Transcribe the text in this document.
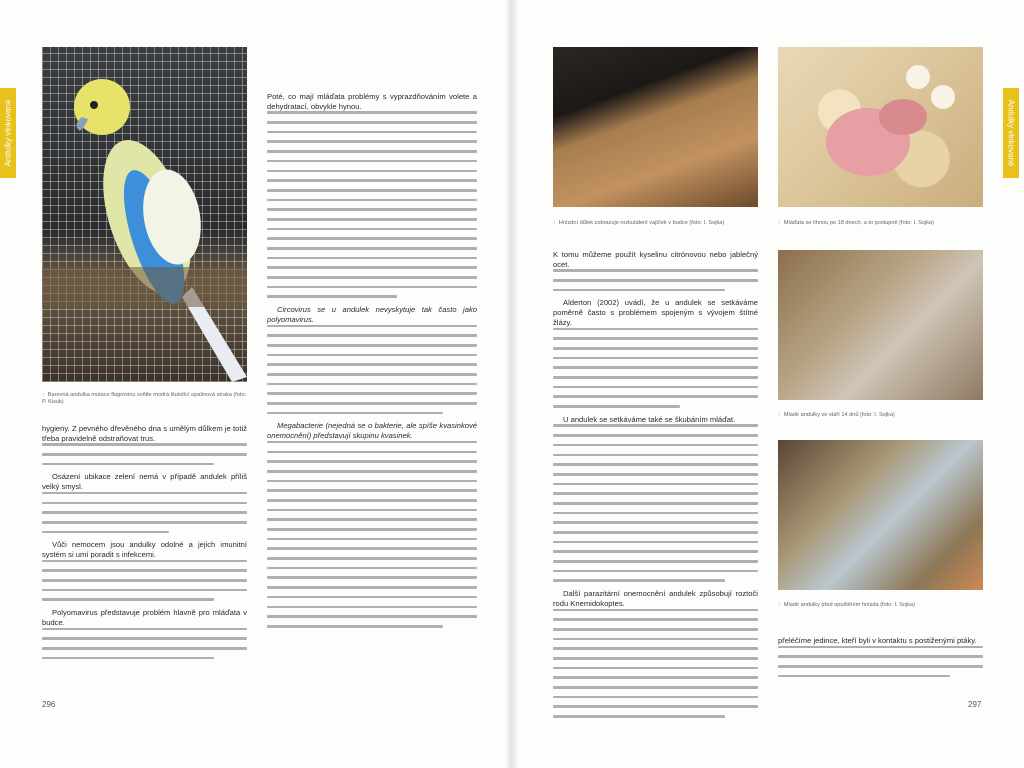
↑ Barevná andulka mutace flagrovinu světle modrá lšutolící opalinová straka (foto: P. Kisuk)

hygieny. Z pevného dřevěného dna s umělým důlkem je totiž třeba pravidelně odstraňovat trus.

Osázení ubikace zelení nemá v případě andulek příliš velký smysl.

Vůči nemocem jsou andulky odolné a jejich imunitní systém si umí poradit s infekcemi.

Polyomavirus představuje problém hlavně pro mláďata v budce.

Poté, co mají mláďata problémy s vyprazdňováním volete a dehydratací, obvykle hynou.

Circovirus se u andulek nevyskytuje tak často jako polyomavirus.

Megabacterie (nejedná se o bakterie, ale spíše kvasinkové onemocnění) představují skupinu kvasinek.

296
↑ Hnízdní důlek zobrazuje rozkutálení vajíček v budce (foto: I. Sojka)	↑ Mláďata se líhnou po 18 dnech, a to postupně (foto: I. Sojka)
↑ Mladé andulky ve stáří 14 dnů (foto: I. Sojka)
↑ Mladé andulky před opuštěním hnízda (foto: I. Sojka)

K tomu můžeme použít kyselinu citrónovou nebo jablečný ocet.

Alderton (2002) uvádí, že u andulek se setkáváme poměrně často s problémem spojeným s vývojem štítné žlázy.

U andulek se setkáváme také se škubáním mláďat.

Další parazitární onemocnění andulek způsobují roztoči rodu Knemidokoptes.

přeléčíme jedince, kteří byli v kontaktu s postiženými ptáky.

297
Andulky vlnkované	Andulky vlnkované
